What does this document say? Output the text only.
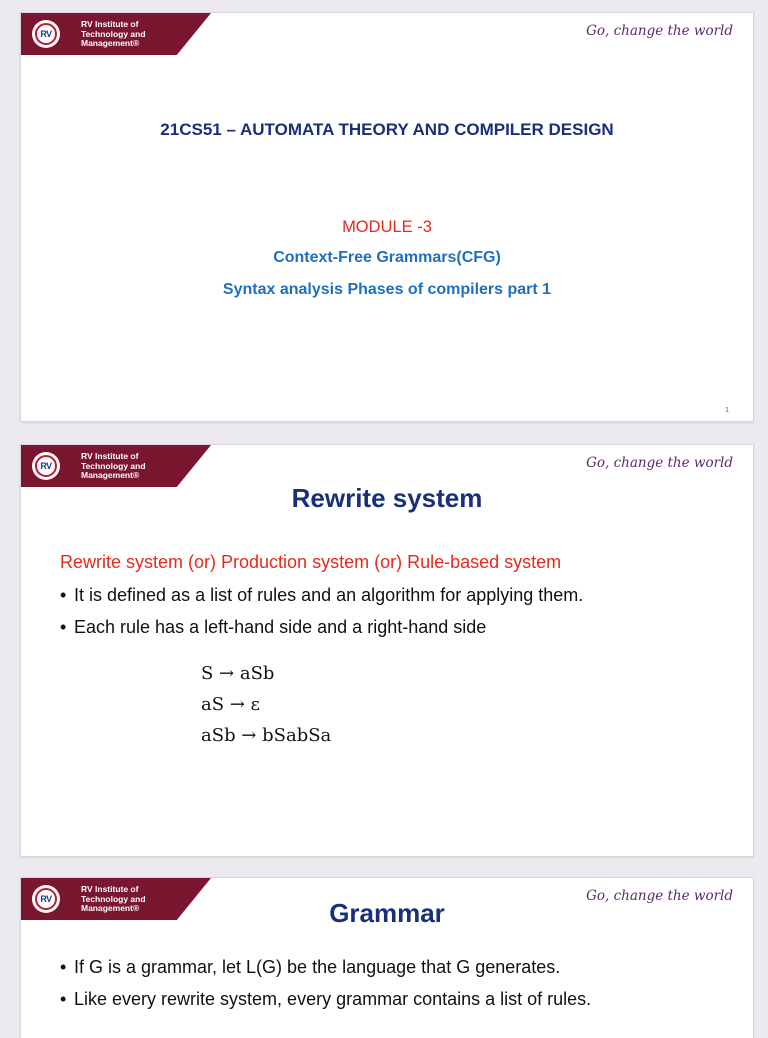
RV
RV Institute of
Technology and
Management®
Go, change the world
21CS51 – AUTOMATA THEORY AND COMPILER DESIGN
MODULE -3
Context-Free Grammars(CFG)
Syntax analysis Phases of compilers part 1
1
RV
RV Institute of
Technology and
Management®
Go, change the world
Rewrite system
Rewrite system (or) Production system (or) Rule-based system
• It is defined as a list of rules and an algorithm for applying them.
• Each rule has a left-hand side and a right-hand side
S → aSb
aS → ε
aSb → bSabSa
RV
RV Institute of
Technology and
Management®
Go, change the world
Grammar
• If G is a grammar, let L(G) be the language that G generates.
• Like every rewrite system, every grammar contains a list of rules.
